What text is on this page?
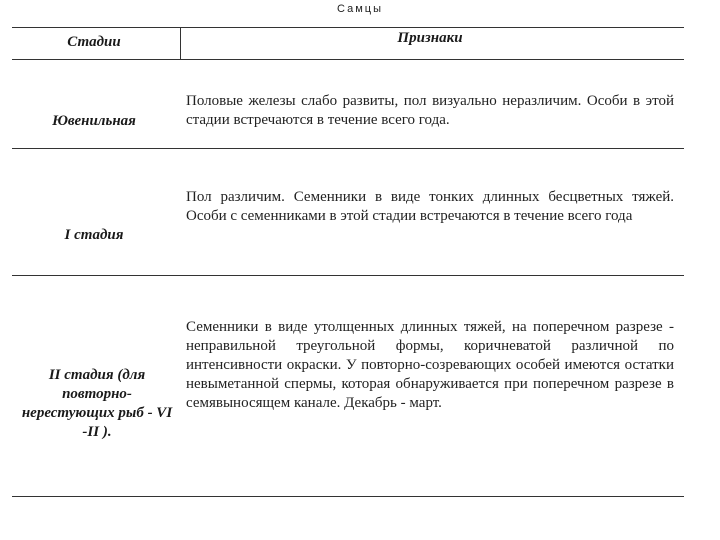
Самцы
Стадии	Признаки
Ювенильная
Половые железы слабо развиты, пол визуально неразличим. Особи в этой стадии встречаются в течение всего года.
I стадия
Пол различим. Семенники в виде тонких длинных бесцветных тяжей. Особи с семенниками в этой стадии встречаются в течение всего года
II стадия (для повторно-нерестующих рыб - VI -II ).
Семенники в виде утолщенных длинных тяжей, на поперечном разрезе - неправильной треугольной формы, коричневатой различной по интенсивности окраски. У повторно-созревающих особей имеются остатки невыметанной спермы, которая обнаруживается при поперечном разрезе в семявыносящем канале. Декабрь - март.
